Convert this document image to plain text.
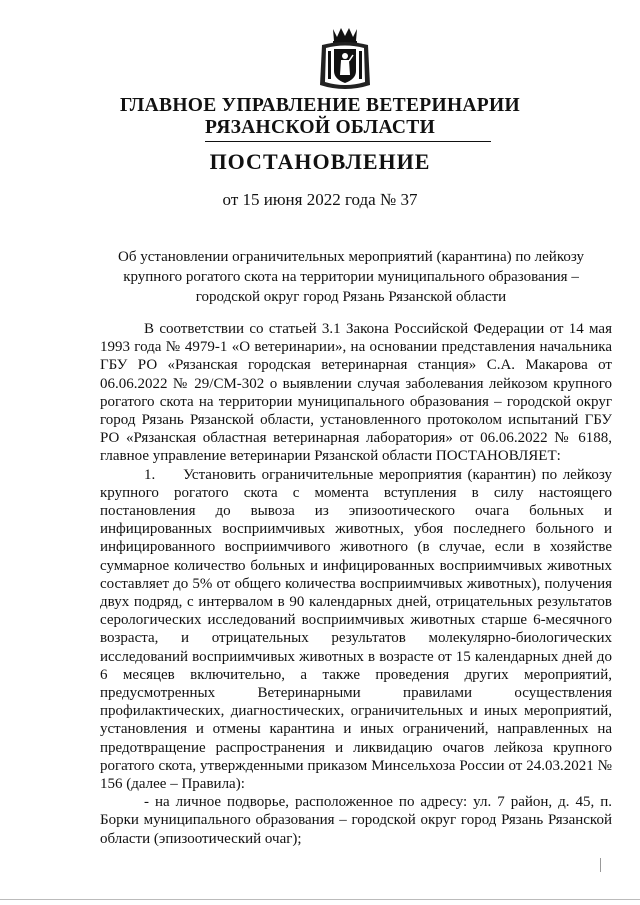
ГЛАВНОЕ УПРАВЛЕНИЕ ВЕТЕРИНАРИИ
РЯЗАНСКОЙ ОБЛАСТИ
ПОСТАНОВЛЕНИЕ
от 15 июня 2022 года № 37
Об установлении ограничительных мероприятий (карантина) по лейкозу крупного рогатого скота на территории муниципального образования – городской округ город Рязань Рязанской области

В соответствии со статьей 3.1 Закона Российской Федерации от 14 мая 1993 года № 4979-1 «О ветеринарии», на основании представления начальника ГБУ РО «Рязанская городская ветеринарная станция» С.А. Макарова от 06.06.2022 № 29/СМ-302 о выявлении случая заболевания лейкозом крупного рогатого скота на территории муниципального образования – городской округ город Рязань Рязанской области, установленного протоколом испытаний ГБУ РО «Рязанская областная ветеринарная лаборатория» от 06.06.2022 № 6188, главное управление ветеринарии Рязанской области ПОСТАНОВЛЯЕТ:

1. Установить ограничительные мероприятия (карантин) по лейкозу крупного рогатого скота с момента вступления в силу настоящего постановления до вывоза из эпизоотического очага больных и инфицированных восприимчивых животных, убоя последнего больного и инфицированного восприимчивого животного (в случае, если в хозяйстве суммарное количество больных и инфицированных восприимчивых животных составляет до 5% от общего количества восприимчивых животных), получения двух подряд, с интервалом в 90 календарных дней, отрицательных результатов серологических исследований восприимчивых животных старше 6-месячного возраста, и отрицательных результатов молекулярно-биологических исследований восприимчивых животных в возрасте от 15 календарных дней до 6 месяцев включительно, а также проведения других мероприятий, предусмотренных Ветеринарными правилами осуществления профилактических, диагностических, ограничительных и иных мероприятий, установления и отмены карантина и иных ограничений, направленных на предотвращение распространения и ликвидацию очагов лейкоза крупного рогатого скота, утвержденными приказом Минсельхоза России от 24.03.2021 № 156 (далее – Правила):

- на личное подворье, расположенное по адресу: ул. 7 район, д. 45, п. Борки муниципального образования – городской округ город Рязань Рязанской области (эпизоотический очаг);
